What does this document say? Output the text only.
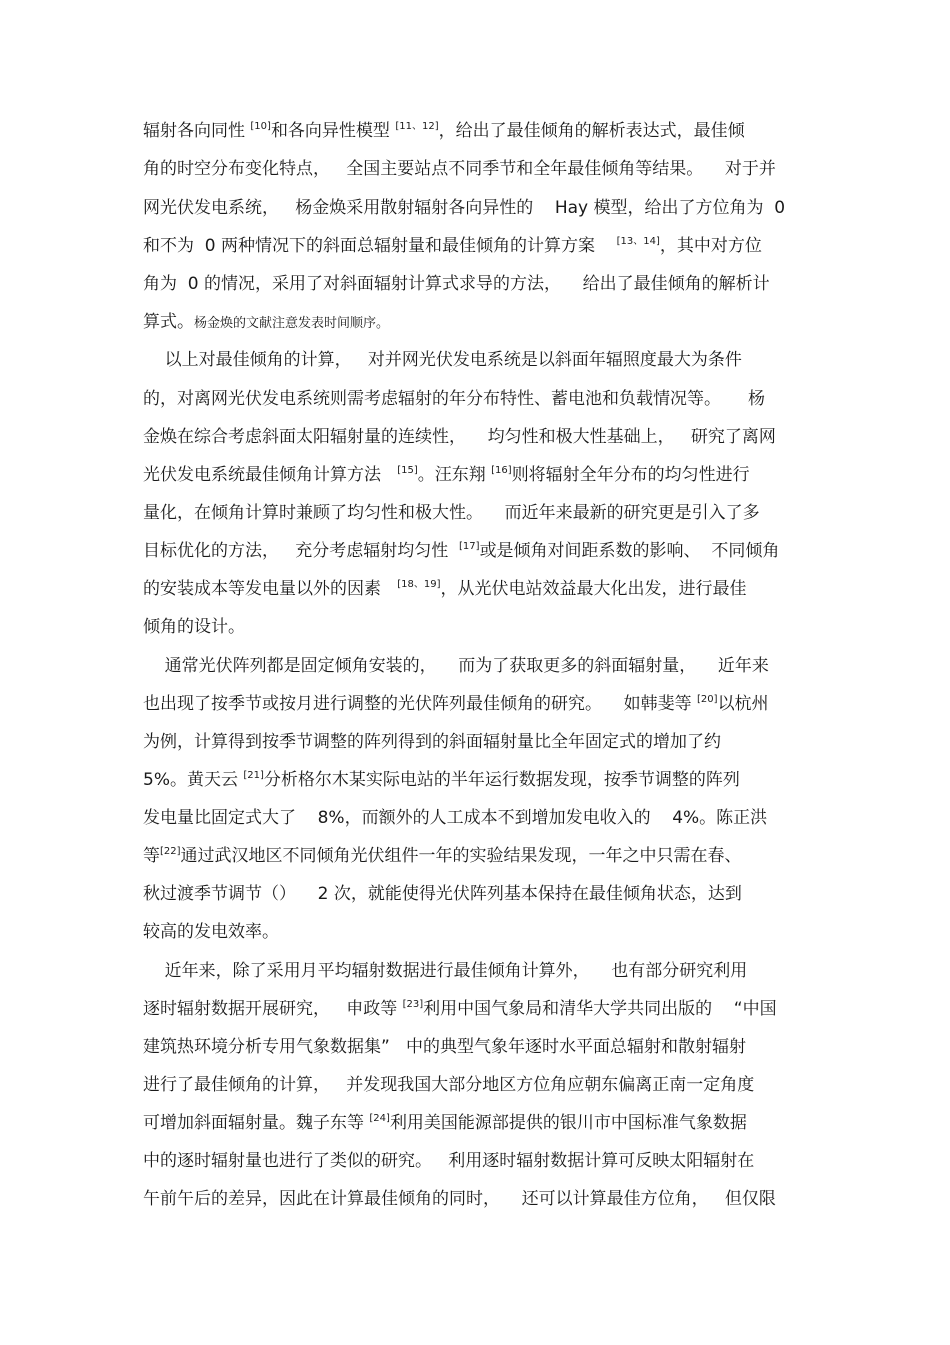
辐射各向同性 [10]和各向异性模型 [11、12]，给出了最佳倾角的解析表达式，最佳倾
角的时空分布变化特点，   全国主要站点不同季节和全年最佳倾角等结果。    对于并
网光伏发电系统，   杨金焕采用散射辐射各向异性的    Hay 模型，给出了方位角为  0
和不为  0 两种情况下的斜面总辐射量和最佳倾角的计算方案    [13、14]，其中对方位
角为  0 的情况，采用了对斜面辐射计算式求导的方法，    给出了最佳倾角的解析计
算式。杨金焕的文献注意发表时间顺序。
以上对最佳倾角的计算，   对并网光伏发电系统是以斜面年辐照度最大为条件
的，对离网光伏发电系统则需考虑辐射的年分布特性、蓄电池和负载情况等。     杨
金焕在综合考虑斜面太阳辐射量的连续性，    均匀性和极大性基础上，   研究了离网
光伏发电系统最佳倾角计算方法   [15]。汪东翔 [16]则将辐射全年分布的均匀性进行
量化，在倾角计算时兼顾了均匀性和极大性。    而近年来最新的研究更是引入了多
目标优化的方法，   充分考虑辐射均匀性  [17]或是倾角对间距系数的影响、  不同倾角
的安装成本等发电量以外的因素   [18、19]，从光伏电站效益最大化出发，进行最佳
倾角的设计。
通常光伏阵列都是固定倾角安装的，    而为了获取更多的斜面辐射量，    近年来
也出现了按季节或按月进行调整的光伏阵列最佳倾角的研究。    如韩斐等 [20]以杭州
为例，计算得到按季节调整的阵列得到的斜面辐射量比全年固定式的增加了约
5%。黄天云 [21]分析格尔木某实际电站的半年运行数据发现，按季节调整的阵列
发电量比固定式大了    8%，而额外的人工成本不到增加发电收入的    4%。陈正洪
等[22]通过武汉地区不同倾角光伏组件一年的实验结果发现，一年之中只需在春、
秋过渡季节调节（）    2 次，就能使得光伏阵列基本保持在最佳倾角状态，达到
较高的发电效率。
近年来，除了采用月平均辐射数据进行最佳倾角计算外，    也有部分研究利用
逐时辐射数据开展研究，   申政等 [23]利用中国气象局和清华大学共同出版的    “中国
建筑热环境分析专用气象数据集”   中的典型气象年逐时水平面总辐射和散射辐射
进行了最佳倾角的计算，   并发现我国大部分地区方位角应朝东偏离正南一定角度
可增加斜面辐射量。魏子东等 [24]利用美国能源部提供的银川市中国标准气象数据
中的逐时辐射量也进行了类似的研究。   利用逐时辐射数据计算可反映太阳辐射在
午前午后的差异，因此在计算最佳倾角的同时，    还可以计算最佳方位角，   但仅限
